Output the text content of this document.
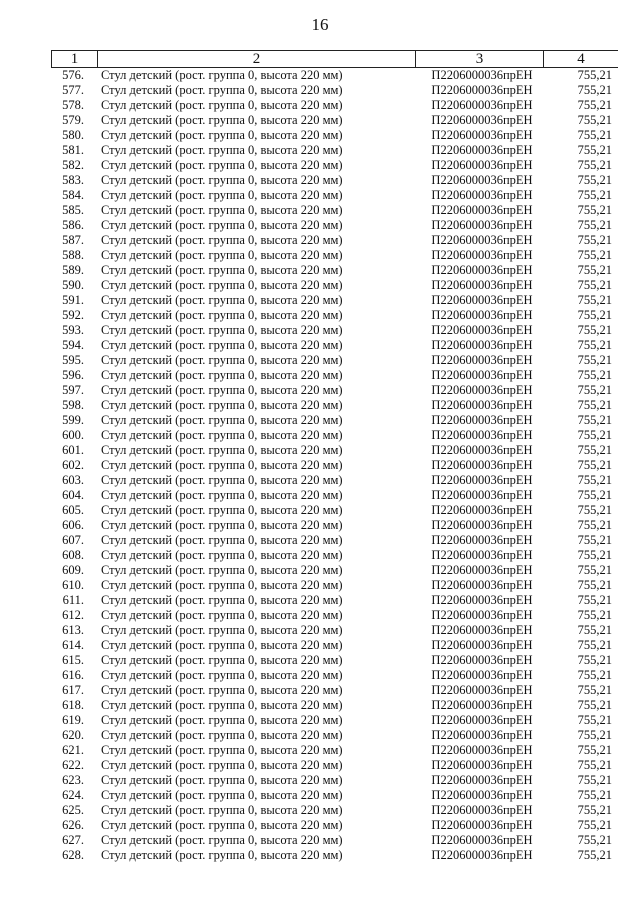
16
1	2	3	4
576.	Стул детский (рост. группа 0, высота 220 мм)	П2206000036прЕН	755,21
577.	Стул детский (рост. группа 0, высота 220 мм)	П2206000036прЕН	755,21
578.	Стул детский (рост. группа 0, высота 220 мм)	П2206000036прЕН	755,21
579.	Стул детский (рост. группа 0, высота 220 мм)	П2206000036прЕН	755,21
580.	Стул детский (рост. группа 0, высота 220 мм)	П2206000036прЕН	755,21
581.	Стул детский (рост. группа 0, высота 220 мм)	П2206000036прЕН	755,21
582.	Стул детский (рост. группа 0, высота 220 мм)	П2206000036прЕН	755,21
583.	Стул детский (рост. группа 0, высота 220 мм)	П2206000036прЕН	755,21
584.	Стул детский (рост. группа 0, высота 220 мм)	П2206000036прЕН	755,21
585.	Стул детский (рост. группа 0, высота 220 мм)	П2206000036прЕН	755,21
586.	Стул детский (рост. группа 0, высота 220 мм)	П2206000036прЕН	755,21
587.	Стул детский (рост. группа 0, высота 220 мм)	П2206000036прЕН	755,21
588.	Стул детский (рост. группа 0, высота 220 мм)	П2206000036прЕН	755,21
589.	Стул детский (рост. группа 0, высота 220 мм)	П2206000036прЕН	755,21
590.	Стул детский (рост. группа 0, высота 220 мм)	П2206000036прЕН	755,21
591.	Стул детский (рост. группа 0, высота 220 мм)	П2206000036прЕН	755,21
592.	Стул детский (рост. группа 0, высота 220 мм)	П2206000036прЕН	755,21
593.	Стул детский (рост. группа 0, высота 220 мм)	П2206000036прЕН	755,21
594.	Стул детский (рост. группа 0, высота 220 мм)	П2206000036прЕН	755,21
595.	Стул детский (рост. группа 0, высота 220 мм)	П2206000036прЕН	755,21
596.	Стул детский (рост. группа 0, высота 220 мм)	П2206000036прЕН	755,21
597.	Стул детский (рост. группа 0, высота 220 мм)	П2206000036прЕН	755,21
598.	Стул детский (рост. группа 0, высота 220 мм)	П2206000036прЕН	755,21
599.	Стул детский (рост. группа 0, высота 220 мм)	П2206000036прЕН	755,21
600.	Стул детский (рост. группа 0, высота 220 мм)	П2206000036прЕН	755,21
601.	Стул детский (рост. группа 0, высота 220 мм)	П2206000036прЕН	755,21
602.	Стул детский (рост. группа 0, высота 220 мм)	П2206000036прЕН	755,21
603.	Стул детский (рост. группа 0, высота 220 мм)	П2206000036прЕН	755,21
604.	Стул детский (рост. группа 0, высота 220 мм)	П2206000036прЕН	755,21
605.	Стул детский (рост. группа 0, высота 220 мм)	П2206000036прЕН	755,21
606.	Стул детский (рост. группа 0, высота 220 мм)	П2206000036прЕН	755,21
607.	Стул детский (рост. группа 0, высота 220 мм)	П2206000036прЕН	755,21
608.	Стул детский (рост. группа 0, высота 220 мм)	П2206000036прЕН	755,21
609.	Стул детский (рост. группа 0, высота 220 мм)	П2206000036прЕН	755,21
610.	Стул детский (рост. группа 0, высота 220 мм)	П2206000036прЕН	755,21
611.	Стул детский (рост. группа 0, высота 220 мм)	П2206000036прЕН	755,21
612.	Стул детский (рост. группа 0, высота 220 мм)	П2206000036прЕН	755,21
613.	Стул детский (рост. группа 0, высота 220 мм)	П2206000036прЕН	755,21
614.	Стул детский (рост. группа 0, высота 220 мм)	П2206000036прЕН	755,21
615.	Стул детский (рост. группа 0, высота 220 мм)	П2206000036прЕН	755,21
616.	Стул детский (рост. группа 0, высота 220 мм)	П2206000036прЕН	755,21
617.	Стул детский (рост. группа 0, высота 220 мм)	П2206000036прЕН	755,21
618.	Стул детский (рост. группа 0, высота 220 мм)	П2206000036прЕН	755,21
619.	Стул детский (рост. группа 0, высота 220 мм)	П2206000036прЕН	755,21
620.	Стул детский (рост. группа 0, высота 220 мм)	П2206000036прЕН	755,21
621.	Стул детский (рост. группа 0, высота 220 мм)	П2206000036прЕН	755,21
622.	Стул детский (рост. группа 0, высота 220 мм)	П2206000036прЕН	755,21
623.	Стул детский (рост. группа 0, высота 220 мм)	П2206000036прЕН	755,21
624.	Стул детский (рост. группа 0, высота 220 мм)	П2206000036прЕН	755,21
625.	Стул детский (рост. группа 0, высота 220 мм)	П2206000036прЕН	755,21
626.	Стул детский (рост. группа 0, высота 220 мм)	П2206000036прЕН	755,21
627.	Стул детский (рост. группа 0, высота 220 мм)	П2206000036прЕН	755,21
628.	Стул детский (рост. группа 0, высота 220 мм)	П2206000036прЕН	755,21
